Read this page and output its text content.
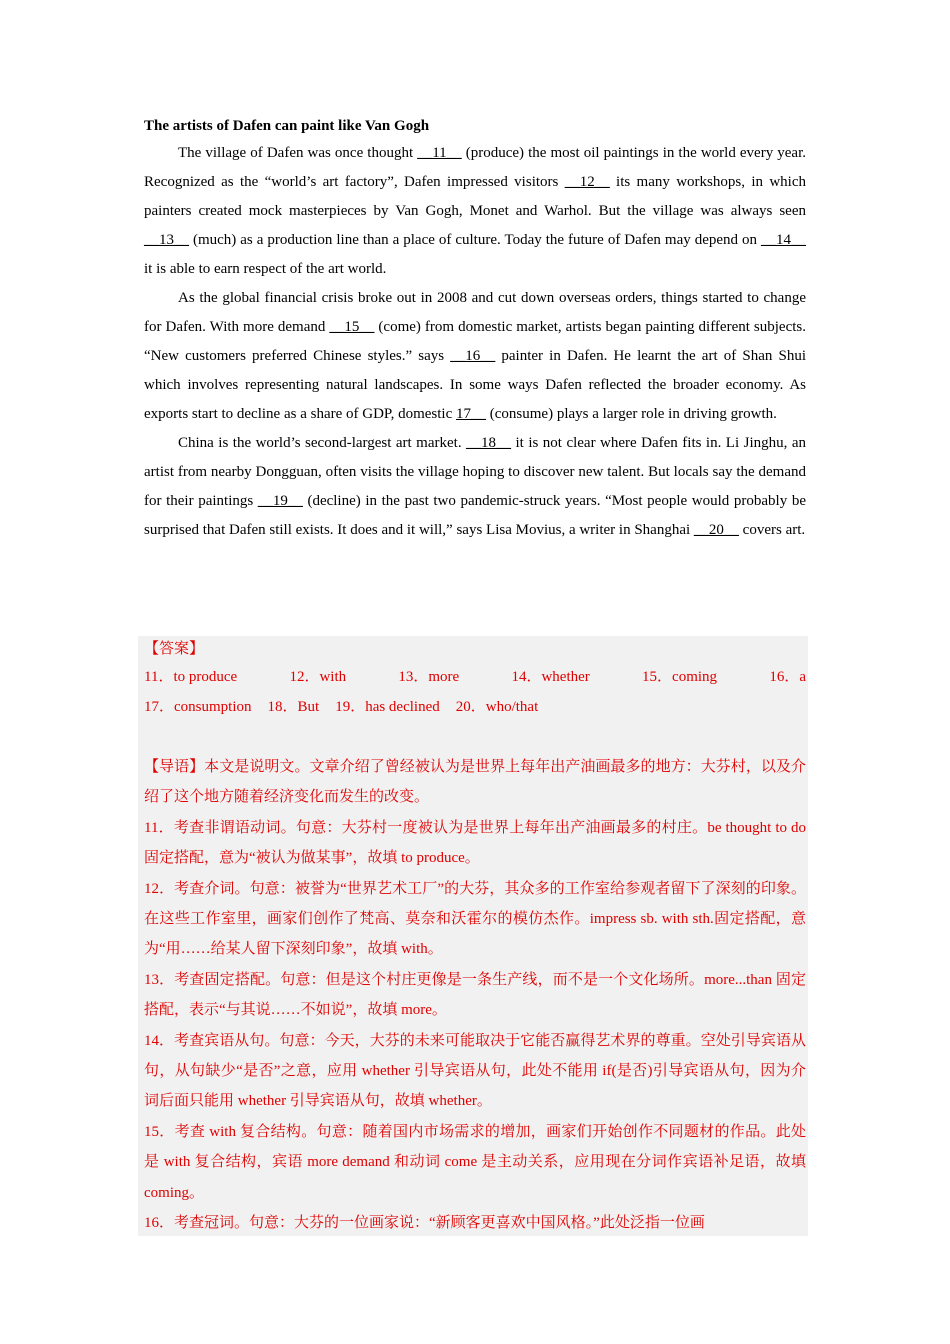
The artists of Dafen can paint like Van Gogh

The village of Dafen was once thought __11__ (produce) the most oil paintings in the world every year. Recognized as the “world’s art factory”, Dafen impressed visitors __12__ its many workshops, in which painters created mock masterpieces by Van Gogh, Monet and Warhol. But the village was always seen __13__ (much) as a production line than a place of culture. Today the future of Dafen may depend on __14__ it is able to earn respect of the art world.

As the global financial crisis broke out in 2008 and cut down overseas orders, things started to change for Dafen. With more demand __15__ (come) from domestic market, artists began painting different subjects. “New customers preferred Chinese styles.” says __16__ painter in Dafen. He learnt the art of Shan Shui which involves representing natural landscapes. In some ways Dafen reflected the broader economy. As exports start to decline as a share of GDP, domestic 17__ (consume) plays a larger role in driving growth.

China is the world’s second-largest art market. __18__ it is not clear where Dafen fits in. Li Jinghu, an artist from nearby Dongguan, often visits the village hoping to discover new talent. But locals say the demand for their paintings __19__ (decline) in the past two pandemic-struck years. “Most people would probably be surprised that Dafen still exists. It does and it will,” says Lisa Movius, a writer in Shanghai __20__ covers art.

【答案】

11．to produce	12．with	13．more	14．whether	15．coming	16．a
17．consumption 18．But 19．has declined 20．who/that

【导语】本文是说明文。文章介绍了曾经被认为是世界上每年出产油画最多的地方：大芬村，以及介绍了这个地方随着经济变化而发生的改变。

11．考查非谓语动词。句意：大芬村一度被认为是世界上每年出产油画最多的村庄。be thought to do 固定搭配，意为“被认为做某事”，故填 to produce。

12．考查介词。句意：被誉为“世界艺术工厂”的大芬，其众多的工作室给参观者留下了深刻的印象。在这些工作室里，画家们创作了梵高、莫奈和沃霍尔的模仿杰作。impress sb. with sth.固定搭配，意为“用……给某人留下深刻印象”，故填 with。

13．考查固定搭配。句意：但是这个村庄更像是一条生产线，而不是一个文化场所。more...than 固定搭配，表示“与其说……不如说”，故填 more。

14．考查宾语从句。句意：今天，大芬的未来可能取决于它能否赢得艺术界的尊重。空处引导宾语从句，从句缺少“是否”之意，应用 whether 引导宾语从句，此处不能用 if(是否)引导宾语从句，因为介词后面只能用 whether 引导宾语从句，故填 whether。

15．考查 with 复合结构。句意：随着国内市场需求的增加，画家们开始创作不同题材的作品。此处是 with 复合结构，宾语 more demand 和动词 come 是主动关系，应用现在分词作宾语补足语，故填 coming。

16．考查冠词。句意：大芬的一位画家说：“新顾客更喜欢中国风格。”此处泛指一位画
